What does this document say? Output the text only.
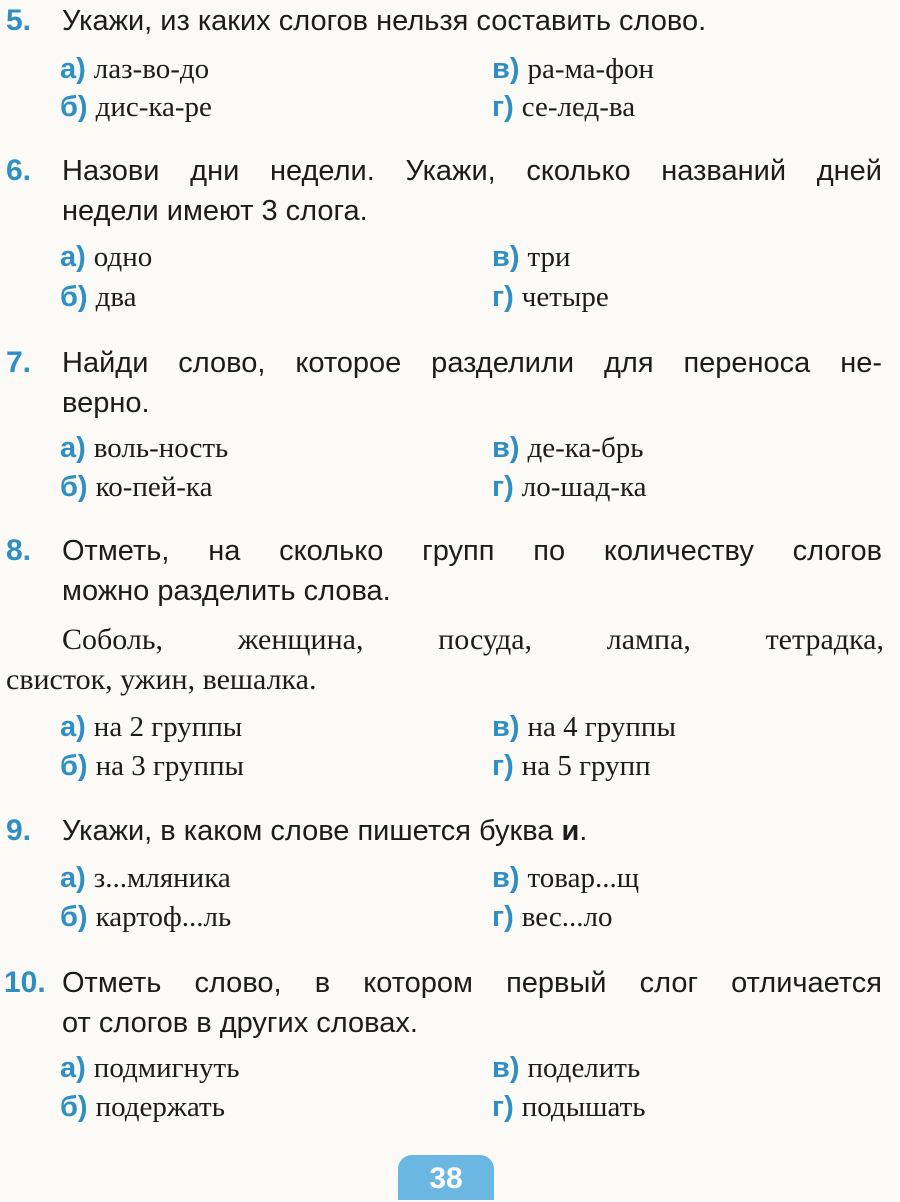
5. Укажи, из каких слогов нельзя составить слово.
а) лаз-во-до
б) дис-ка-ре
в) ра-ма-фон
г) се-лед-ва
6. Назови дни недели. Укажи, сколько названий дней
недели имеют 3 слога.
а) одно
б) два
в) три
г) четыре
7. Найди слово, которое разделили для переноса не-
верно.
а) воль-ность
б) ко-пей-ка
в) де-ка-брь
г) ло-шад-ка
8. Отметь, на сколько групп по количеству слогов
можно разделить слова.
Соболь, женщина, посуда, лампа, тетрадка,
свисток, ужин, вешалка.
а) на 2 группы
б) на 3 группы
в) на 4 группы
г) на 5 групп
9. Укажи, в каком слове пишется буква и.
а) з...мляника
б) картоф...ль
в) товар...щ
г) вес...ло
10. Отметь слово, в котором первый слог отличается
от слогов в других словах.
а) подмигнуть
б) подержать
в) поделить
г) подышать
38
